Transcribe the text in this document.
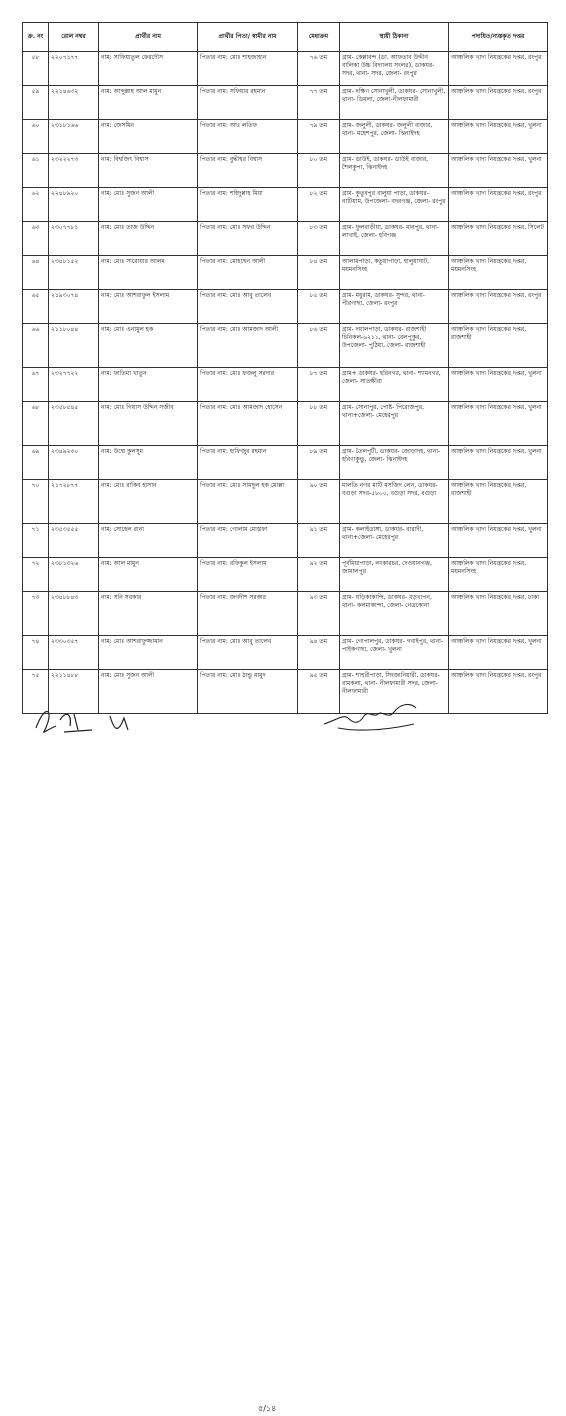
ক্র. নং	রোল নম্বর	প্রার্থীর নাম	প্রার্থীর পিতা/ স্বামীর নাম	মেধাক্রম	স্থায়ী ঠিকানা	পদায়িত/ন্যস্তকৃত দপ্তর
৫৮	২২০৭১৭৭	নাম: সাফিয়াতুল ফেরদৌস	পিতার নাম: মোঃ শাহজাহান	৭৬ তম	গ্রাম- কেল্লাবন্দ (ডা. আফতাব উদ্দীন বালিকা উচ্চ বিদ্যালয় সংলগ্ন), ডাকঘর- সদর, থানা- সদর, জেলা- রংপুর	আঞ্চলিক খাদ্য নিয়ন্ত্রকের দপ্তর, রংপুর
৫৯	২২১৪৬৩২	নাম: আব্দুল্লাহ আল মামুন	পিতার নাম: সফিয়ার রহমান	৭৭ তম	গ্রাম- দক্ষিণ সোনাখুলী, ডাকঘর- সোনাখুলী, থানা- ডিমলা, জেলা-নীলফামারী	আঞ্চলিক খাদ্য নিয়ন্ত্রকের দপ্তর, রংপুর
৬০	২৩১৮১৬৬	নাম: জেসমিন	পিতার নাম: আঃ লতিফ	৭৯ তম	গ্রাম- জলুলী, ডাকঘর- জলুলী বাজার, থানা- মহেশপুর, জেলা- ঝিনাইদহ	আঞ্চলিক খাদ্য নিয়ন্ত্রকের দপ্তর, খুলনা
৬১	২৩২২২৭৩	নাম: বিশ্বজিৎ বিশ্বাস	পিতার নাম: বুদ্ধীশ্বর বিশ্বাস	৮০ তম	গ্রাম- ডাউই, ডাকঘর- ডাউই বাজার, শৈলকুপা, ঝিনাইদহ	আঞ্চলিক খাদ্য নিয়ন্ত্রকের দপ্তর, খুলনা
৬২	২২৪৮৯২০	নাম: মোঃ সুজন আলী	পিতার নাম: শহিদুল্লাহ মিয়া	৮২ তম	গ্রাম- কুতুবপুর বালুয়া পাড়া, ডাকঘর- নাটিয়াম, উপজেলা- বদরগঞ্জ, জেলা- রংপুর	আঞ্চলিক খাদ্য নিয়ন্ত্রকের দপ্তর, রংপুর
৬৩	২৩০৭৭৮১	নাম: মোঃ তাজ উদ্দিন	পিতার নাম: মোঃ সফর উদ্দিন	৮৩ তম	গ্রাম- ফুলবাড়ীয়া, ডাকঘর- মানপুর, থানা- লাখাই, জেলা- হবিগঞ্জ	আঞ্চলিক খাদ্য নিয়ন্ত্রকের দপ্তর, সিলেট
৬৪	২৩৪৮১৫২	নাম: মোঃ সারোয়ার আলম	পিতার নাম: মোহছেন আলী	৮৪ তম	আলামপাড়া, কতুয়াপাড়া, হালুয়াঘাট, ময়মনসিংহ	আঞ্চলিক খাদ্য নিয়ন্ত্রকের দপ্তর, ময়মনসিংহ
৬৫	২১৯৩০৭৪	নাম: মোঃ আশরাফুল ইসলাম	পিতার নাম: মোঃ আবু তালেব	৮৫ তম	গ্রাম- মধুরাম, ডাকঘর- সুন্দর, থানা- পীরগাছা, জেলা- রংপুর	আঞ্চলিক খাদ্য নিয়ন্ত্রকের দপ্তর, রংপুর
৬৬	২১১৮০৪৪	নাম: মোঃ এনামুল হক	পিতার নাম: মোঃ আমজাদ আলী	৮৬ তম	গ্রাম- দয়ালপাড়া, ডাকঘর- রাজশাহী চিনিকল-৬২১১, থানা- বেলপুকুর, উপজেলা- পুঠিয়া, জেলা- রাজশাহী	আঞ্চলিক খাদ্য নিয়ন্ত্রকের দপ্তর, রাজশাহী
৬৭	২৩২৭৭২২	নাম: ফাতিমা খাতুন	পিতার নাম: মোঃ ফজলু সরদার	৮৭ তম	গ্রাম+ ডাকঘর- হরিনগর, থানা- শ্যামনগর, জেলা- সাতক্ষীরা	আঞ্চলিক খাদ্য নিয়ন্ত্রকের দপ্তর, খুলনা
৬৮	২৩৫৮৫৪৫	নাম: মোঃ গিয়াস উদ্দিন সজীব	পিতার নাম: মোঃ আমজাদ হোসেন	৮৮ তম	গ্রাম- সোনাপুর, পোষ্ট- পিরোজপুর, থানা+জেলা- মেহেরপুর	আঞ্চলিক খাদ্য নিয়ন্ত্রকের দপ্তর, খুলনা
৬৯	২৩৪৯২৩০	নাম: উম্মে কুলসুম	পিতার নাম: হাফিজুর রহমান	৮৯ তম	গ্রাম- তৈলপুটী, ডাকঘর- জোড়াদহ, থানা- হরিণাকুন্ডু, জেলা- ঝিনাইদহ	আঞ্চলিক খাদ্য নিয়ন্ত্রকের দপ্তর, খুলনা
৭০	২১৭২৮৭৭	নাম: মোঃ রাকিব হাসান	পিতার নাম: মোঃ সামছুল হক মোল্লা	৯০ তম	মালতি নগর মাটি মসজিদ লেন, ডাকঘর- বগুড়া সদর-৫৮০০, বগুড়া সদর, বগুড়া	আঞ্চলিক খাদ্য নিয়ন্ত্রকের দপ্তর, রাজশাহী
৭১	২৩৫৩৫৫৫	নাম: সোহেল রানা	পিতার নাম: গোলাম মোস্তফা	৯১ তম	গ্রাম- কলাইডাঙ্গা, ডাকঘর- বারাদী, থানা+জেলা- মেহেরপুর	আঞ্চলিক খাদ্য নিয়ন্ত্রকের দপ্তর, খুলনা
৭২	২৩৮১৩২৬	নাম: আল মামুন	পিতার নাম: রফিকুল ইসলাম	৯২ তম	পূর্বমিয়াপাড়া, লংকারচর, দেওয়ানগঞ্জ, জামালপুর	আঞ্চলিক খাদ্য নিয়ন্ত্রকের দপ্তর, ময়মনসিংহ
৭৩	২৩৪৮৮৪৩	নাম: সনি সরকার	পিতার নাম: জগদীশ সরকার	৯৩ তম	গ্রাম- ঘড়িকাকান্দি, ডাকঘর- বড়খাপন, থানা- কলমাকান্দা, জেলা- নেত্রকোনা	আঞ্চলিক খাদ্য নিয়ন্ত্রকের দপ্তর, ঢাকা
৭৪	২৩৩০৩৫৭	নাম: মোঃ আশরাফুজ্জামান	পিতার নাম: মোঃ আবু তালেব	৯৪ তম	গ্রাম- গোপালপুর, ডাকঘর- গবাইপুর, থানা- পাইকগাছা, জেলা- খুলনা	আঞ্চলিক খাদ্য নিয়ন্ত্রকের দপ্তর, খুলনা
৭৫	২২১১৪৮৮	নাম: মোঃ সুজন আলী	পিতার নাম: মোঃ ঠান্ডু মামুদ	৯৫ তম	গ্রাম- শাহুরীপাড়া, সিংজানিয়ারী, ডাকঘর- রামকলা, থানা- নীলফামারী সদর, জেলা- নীলফামারী	আঞ্চলিক খাদ্য নিয়ন্ত্রকের দপ্তর, রংপুর
৫/১৪
